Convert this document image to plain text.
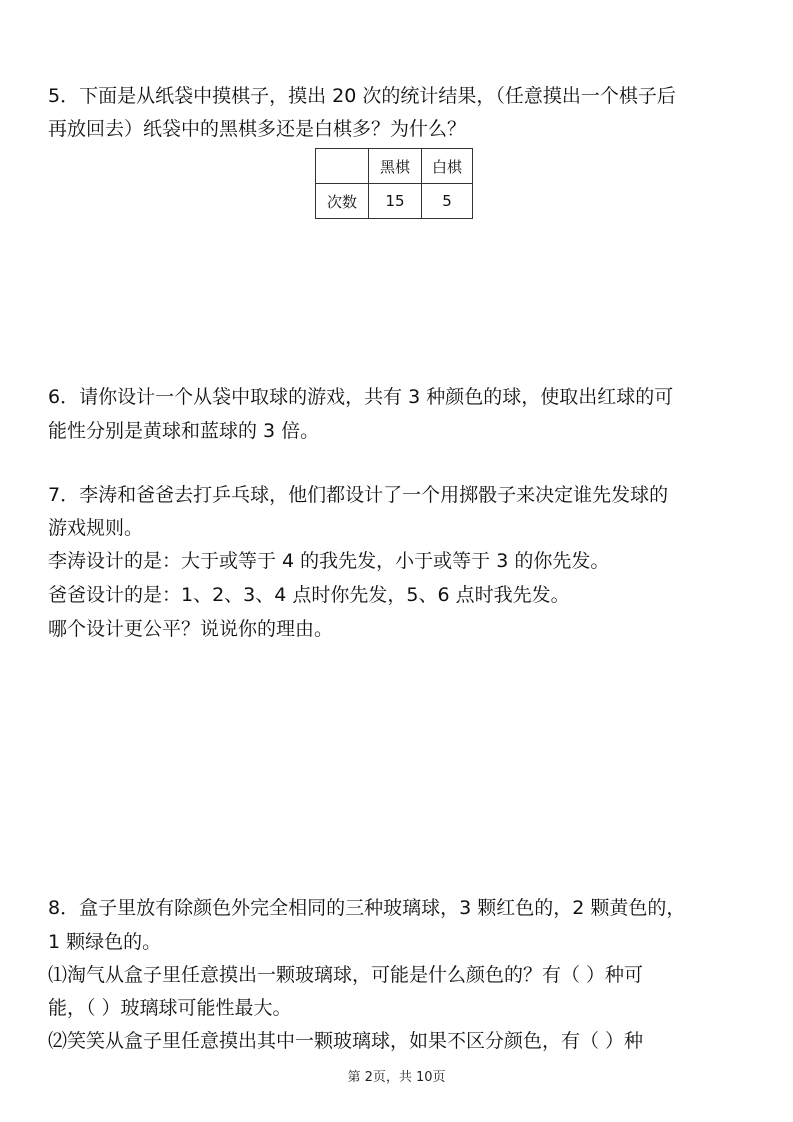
5．下面是从纸袋中摸棋子，摸出 20 次的统计结果，（任意摸出一个棋子后
再放回去）纸袋中的黑棋多还是白棋多？为什么？
	黑棋	白棋
次数	15	5
6．请你设计一个从袋中取球的游戏，共有 3 种颜色的球，使取出红球的可
能性分别是黄球和蓝球的 3 倍。
7．李涛和爸爸去打乒乓球，他们都设计了一个用掷骰子来决定谁先发球的
游戏规则。
李涛设计的是：大于或等于 4 的我先发，小于或等于 3 的你先发。
爸爸设计的是：1、2、3、4 点时你先发，5、6 点时我先发。
哪个设计更公平？说说你的理由。
8．盒子里放有除颜色外完全相同的三种玻璃球，3 颗红色的，2 颗黄色的，
1 颗绿色的。
⑴淘气从盒子里任意摸出一颗玻璃球，可能是什么颜色的？有（ ）种可
能，（ ）玻璃球可能性最大。
⑵笑笑从盒子里任意摸出其中一颗玻璃球，如果不区分颜色，有（ ）种
第 2页，共 10页
